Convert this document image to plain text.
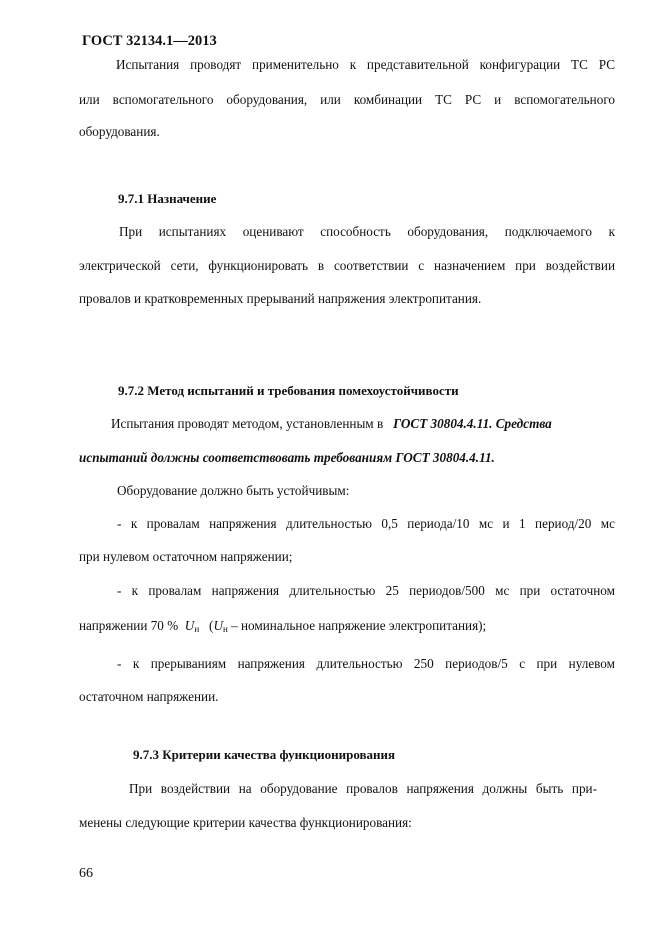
ГОСТ 32134.1—2013
Испытания проводят применительно к представительной конфигурации ТС РС
или вспомогательного оборудования, или комбинации ТС РС и вспомогательного
оборудования.
9.7.1 Назначение
При испытаниях оценивают способность оборудования, подключаемого к
электрической сети, функционировать в соответствии с назначением при воздействии
провалов и кратковременных прерываний напряжения электропитания.
9.7.2 Метод испытаний и требования помехоустойчивости
Испытания проводят методом, установленным в ГОСТ 30804.4.11. Средства
испытаний должны соответствовать требованиям ГОСТ 30804.4.11.
Оборудование должно быть устойчивым:
- к провалам напряжения длительностью 0,5 периода/10 мс и 1 период/20 мс
при нулевом остаточном напряжении;
- к провалам напряжения длительностью 25 периодов/500 мс при остаточном
напряжении 70 % $U_н$ ($U_н$ – номинальное напряжение электропитания);
- к прерываниям напряжения длительностью 250 периодов/5 с при нулевом
остаточном напряжении.
9.7.3 Критерии качества функционирования
При воздействии на оборудование провалов напряжения должны быть при-
менены следующие критерии качества функционирования:
66
